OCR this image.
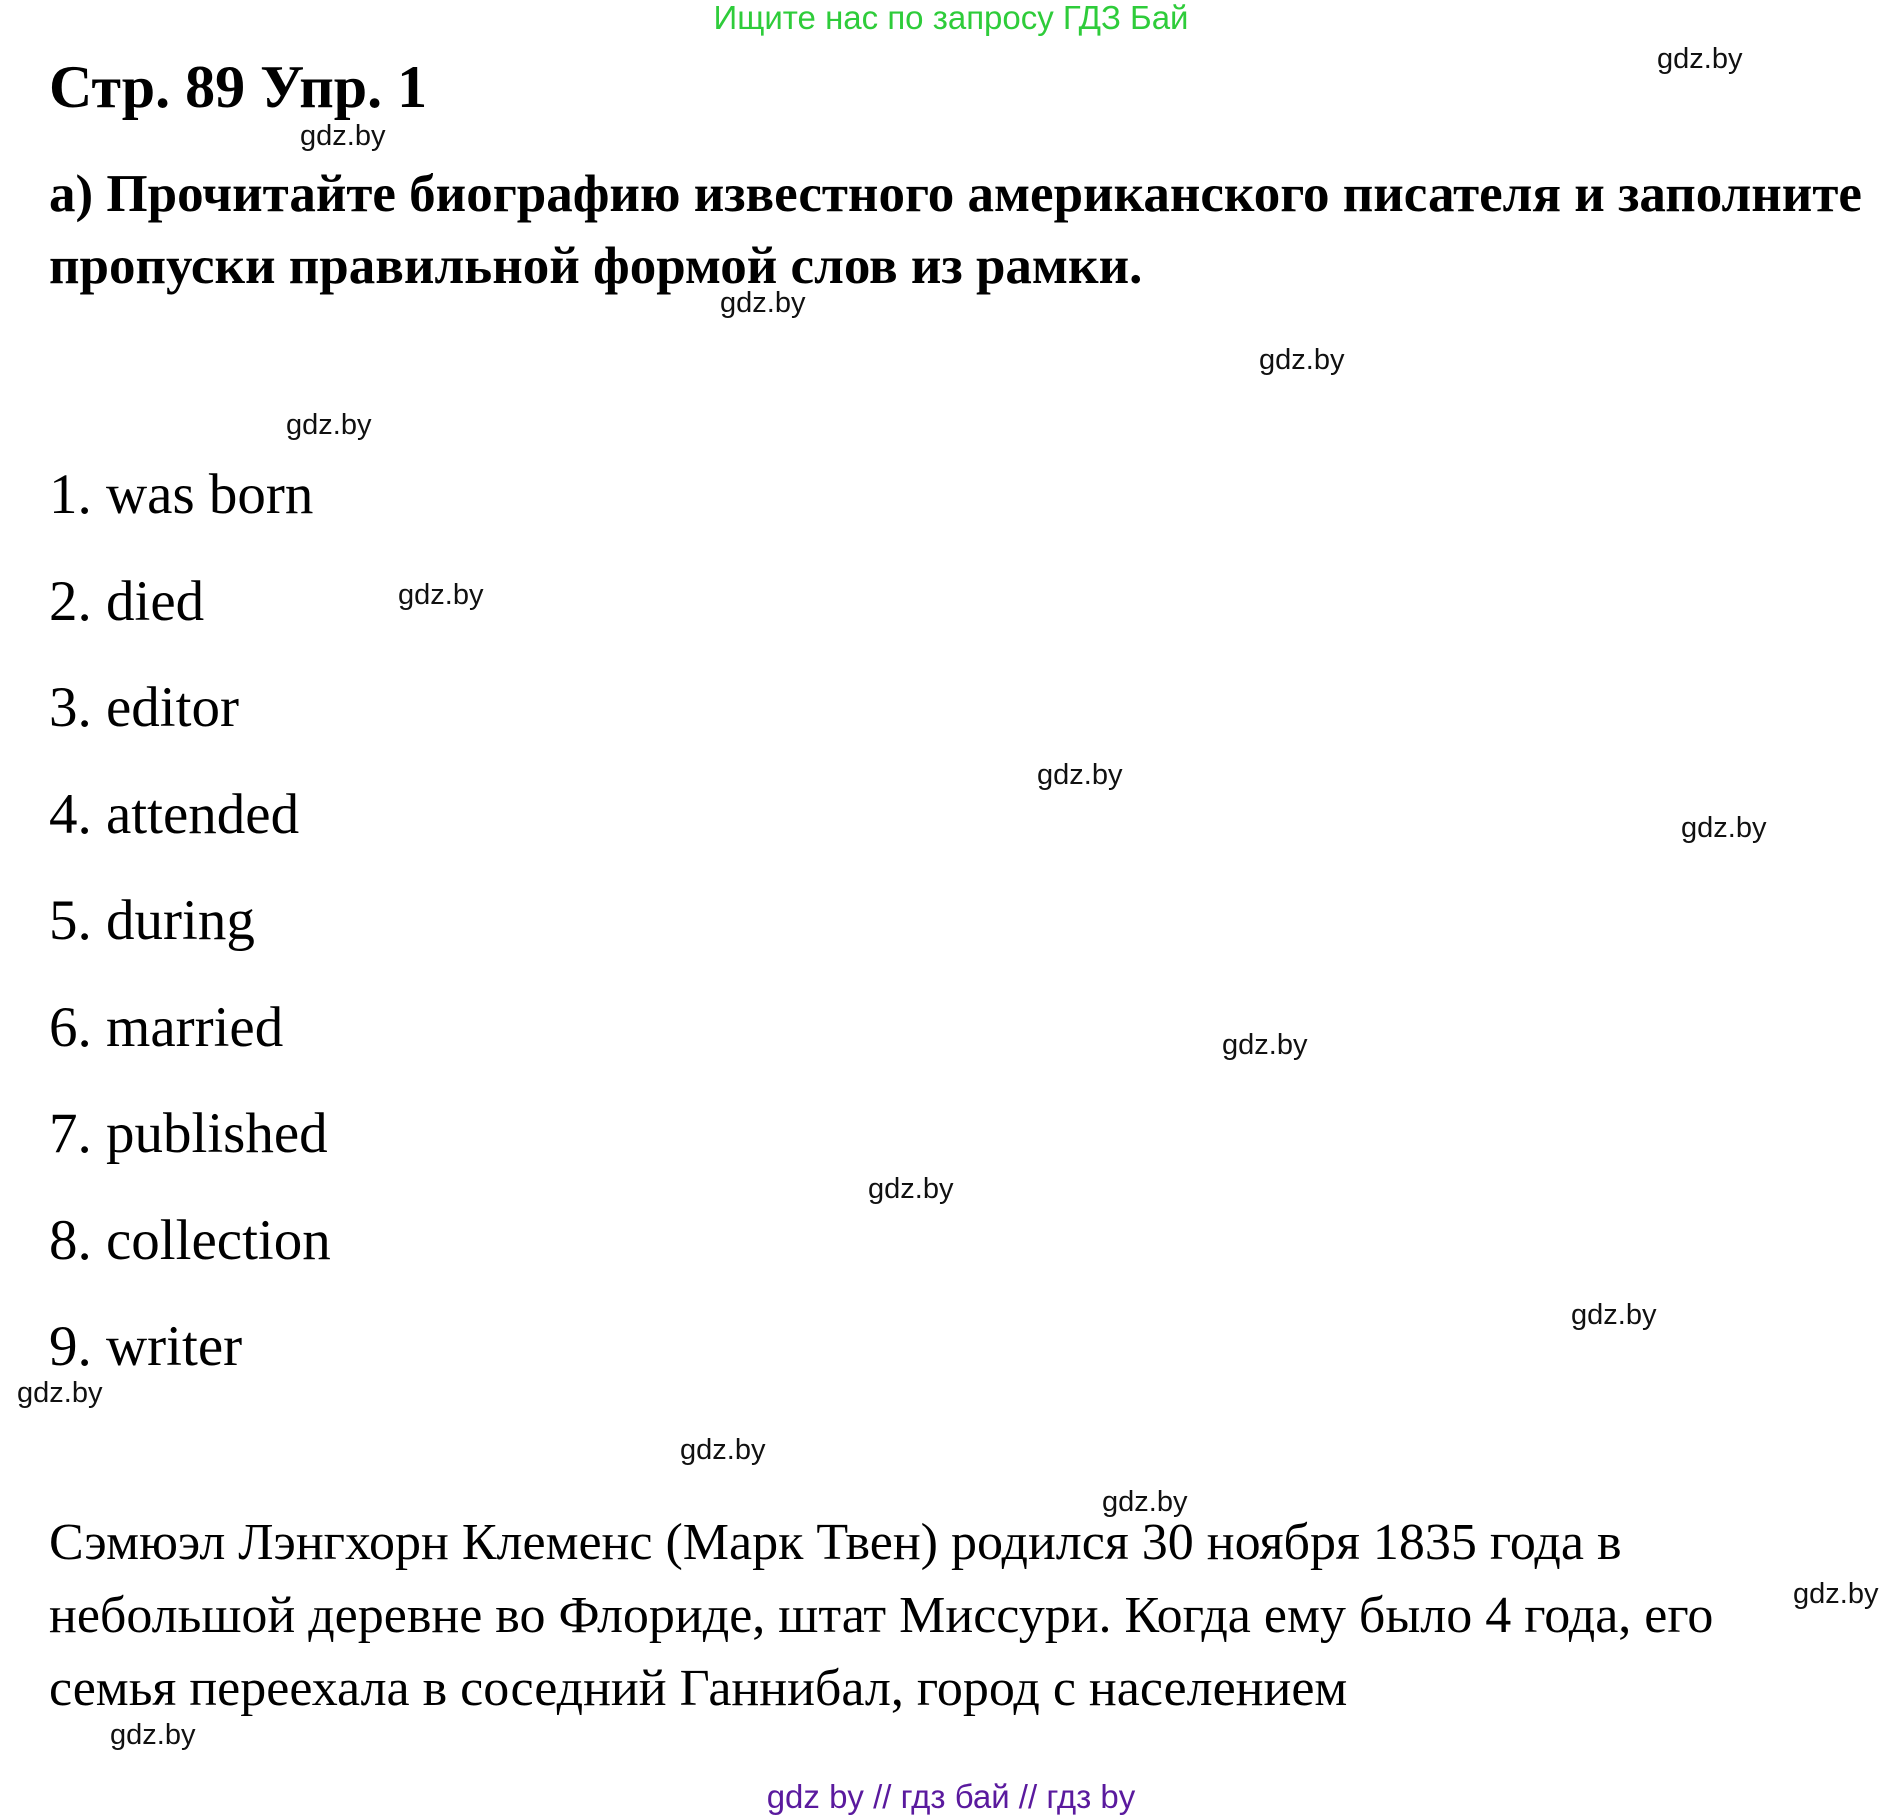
Ищите нас по запросу ГДЗ Бай
Стр. 89 Упр. 1

а) Прочитайте биографию известного американского писателя и заполните пропуски правильной формой слов из рамки.

1. was born
2. died
3. editor
4. attended
5. during
6. married
7. published
8. collection
9. writer

Сэмюэл Лэнгхорн Клеменс (Марк Твен) родился 30 ноября 1835 года в небольшой деревне во Флориде, штат Миссури. Когда ему было 4 года, его семья переехала в соседний Ганнибал, город с населением

gdz.by
gdz.by
gdz.by
gdz.by
gdz.by
gdz.by
gdz.by
gdz.by
gdz.by
gdz.by
gdz.by
gdz.by
gdz.by
gdz.by
gdz.by
gdz.by
gdz by // гдз бай // гдз by
